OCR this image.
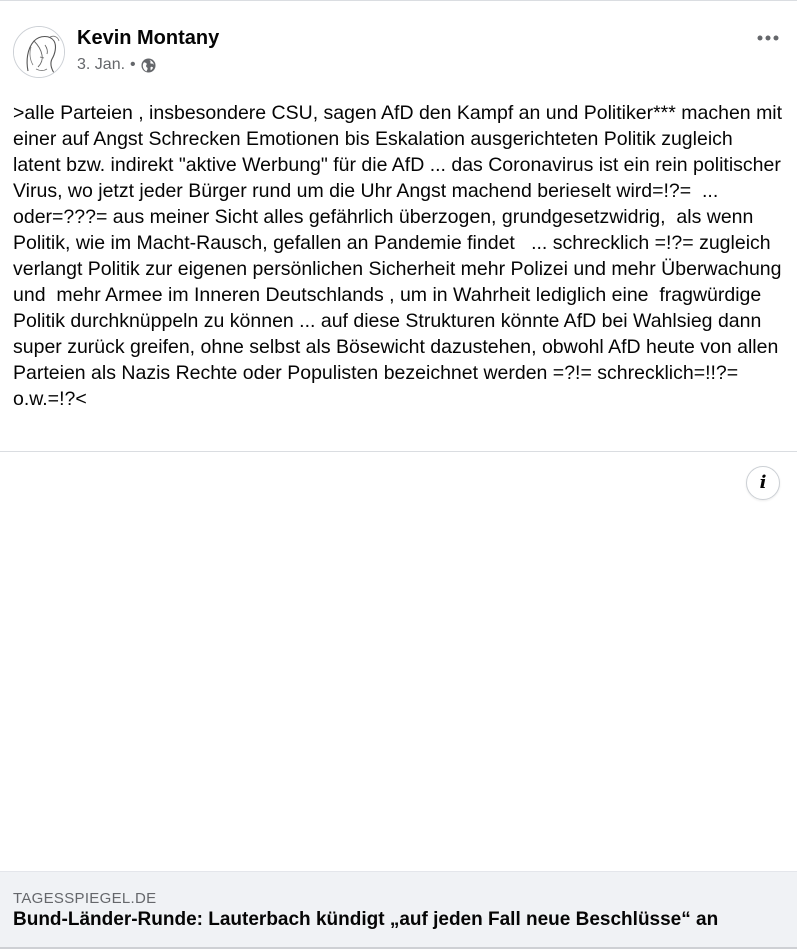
Kevin Montany
3. Jan. •
>alle Parteien , insbesondere CSU, sagen AfD den Kampf an und Politiker*** machen mit einer auf Angst Schrecken Emotionen bis Eskalation ausgerichteten Politik zugleich latent bzw. indirekt "aktive Werbung" für die AfD ... das Coronavirus ist ein rein politischer Virus, wo jetzt jeder Bürger rund um die Uhr Angst machend berieselt wird=!?=  ... oder=???= aus meiner Sicht alles gefährlich überzogen, grundgesetzwidrig,  als wenn Politik, wie im Macht-Rausch, gefallen an Pandemie findet   ... schrecklich =!?= zugleich verlangt Politik zur eigenen persönlichen Sicherheit mehr Polizei und mehr Überwachung und  mehr Armee im Inneren Deutschlands , um in Wahrheit lediglich eine  fragwürdige Politik durchknüppeln zu können ... auf diese Strukturen könnte AfD bei Wahlsieg dann super zurück greifen, ohne selbst als Bösewicht dazustehen, obwohl AfD heute von allen Parteien als Nazis Rechte oder Populisten bezeichnet werden =?!= schrecklich=!!?= o.w.=!?<
i
TAGESSPIEGEL.DE
Bund-Länder-Runde: Lauterbach kündigt „auf jeden Fall neue Beschlüsse“ an
